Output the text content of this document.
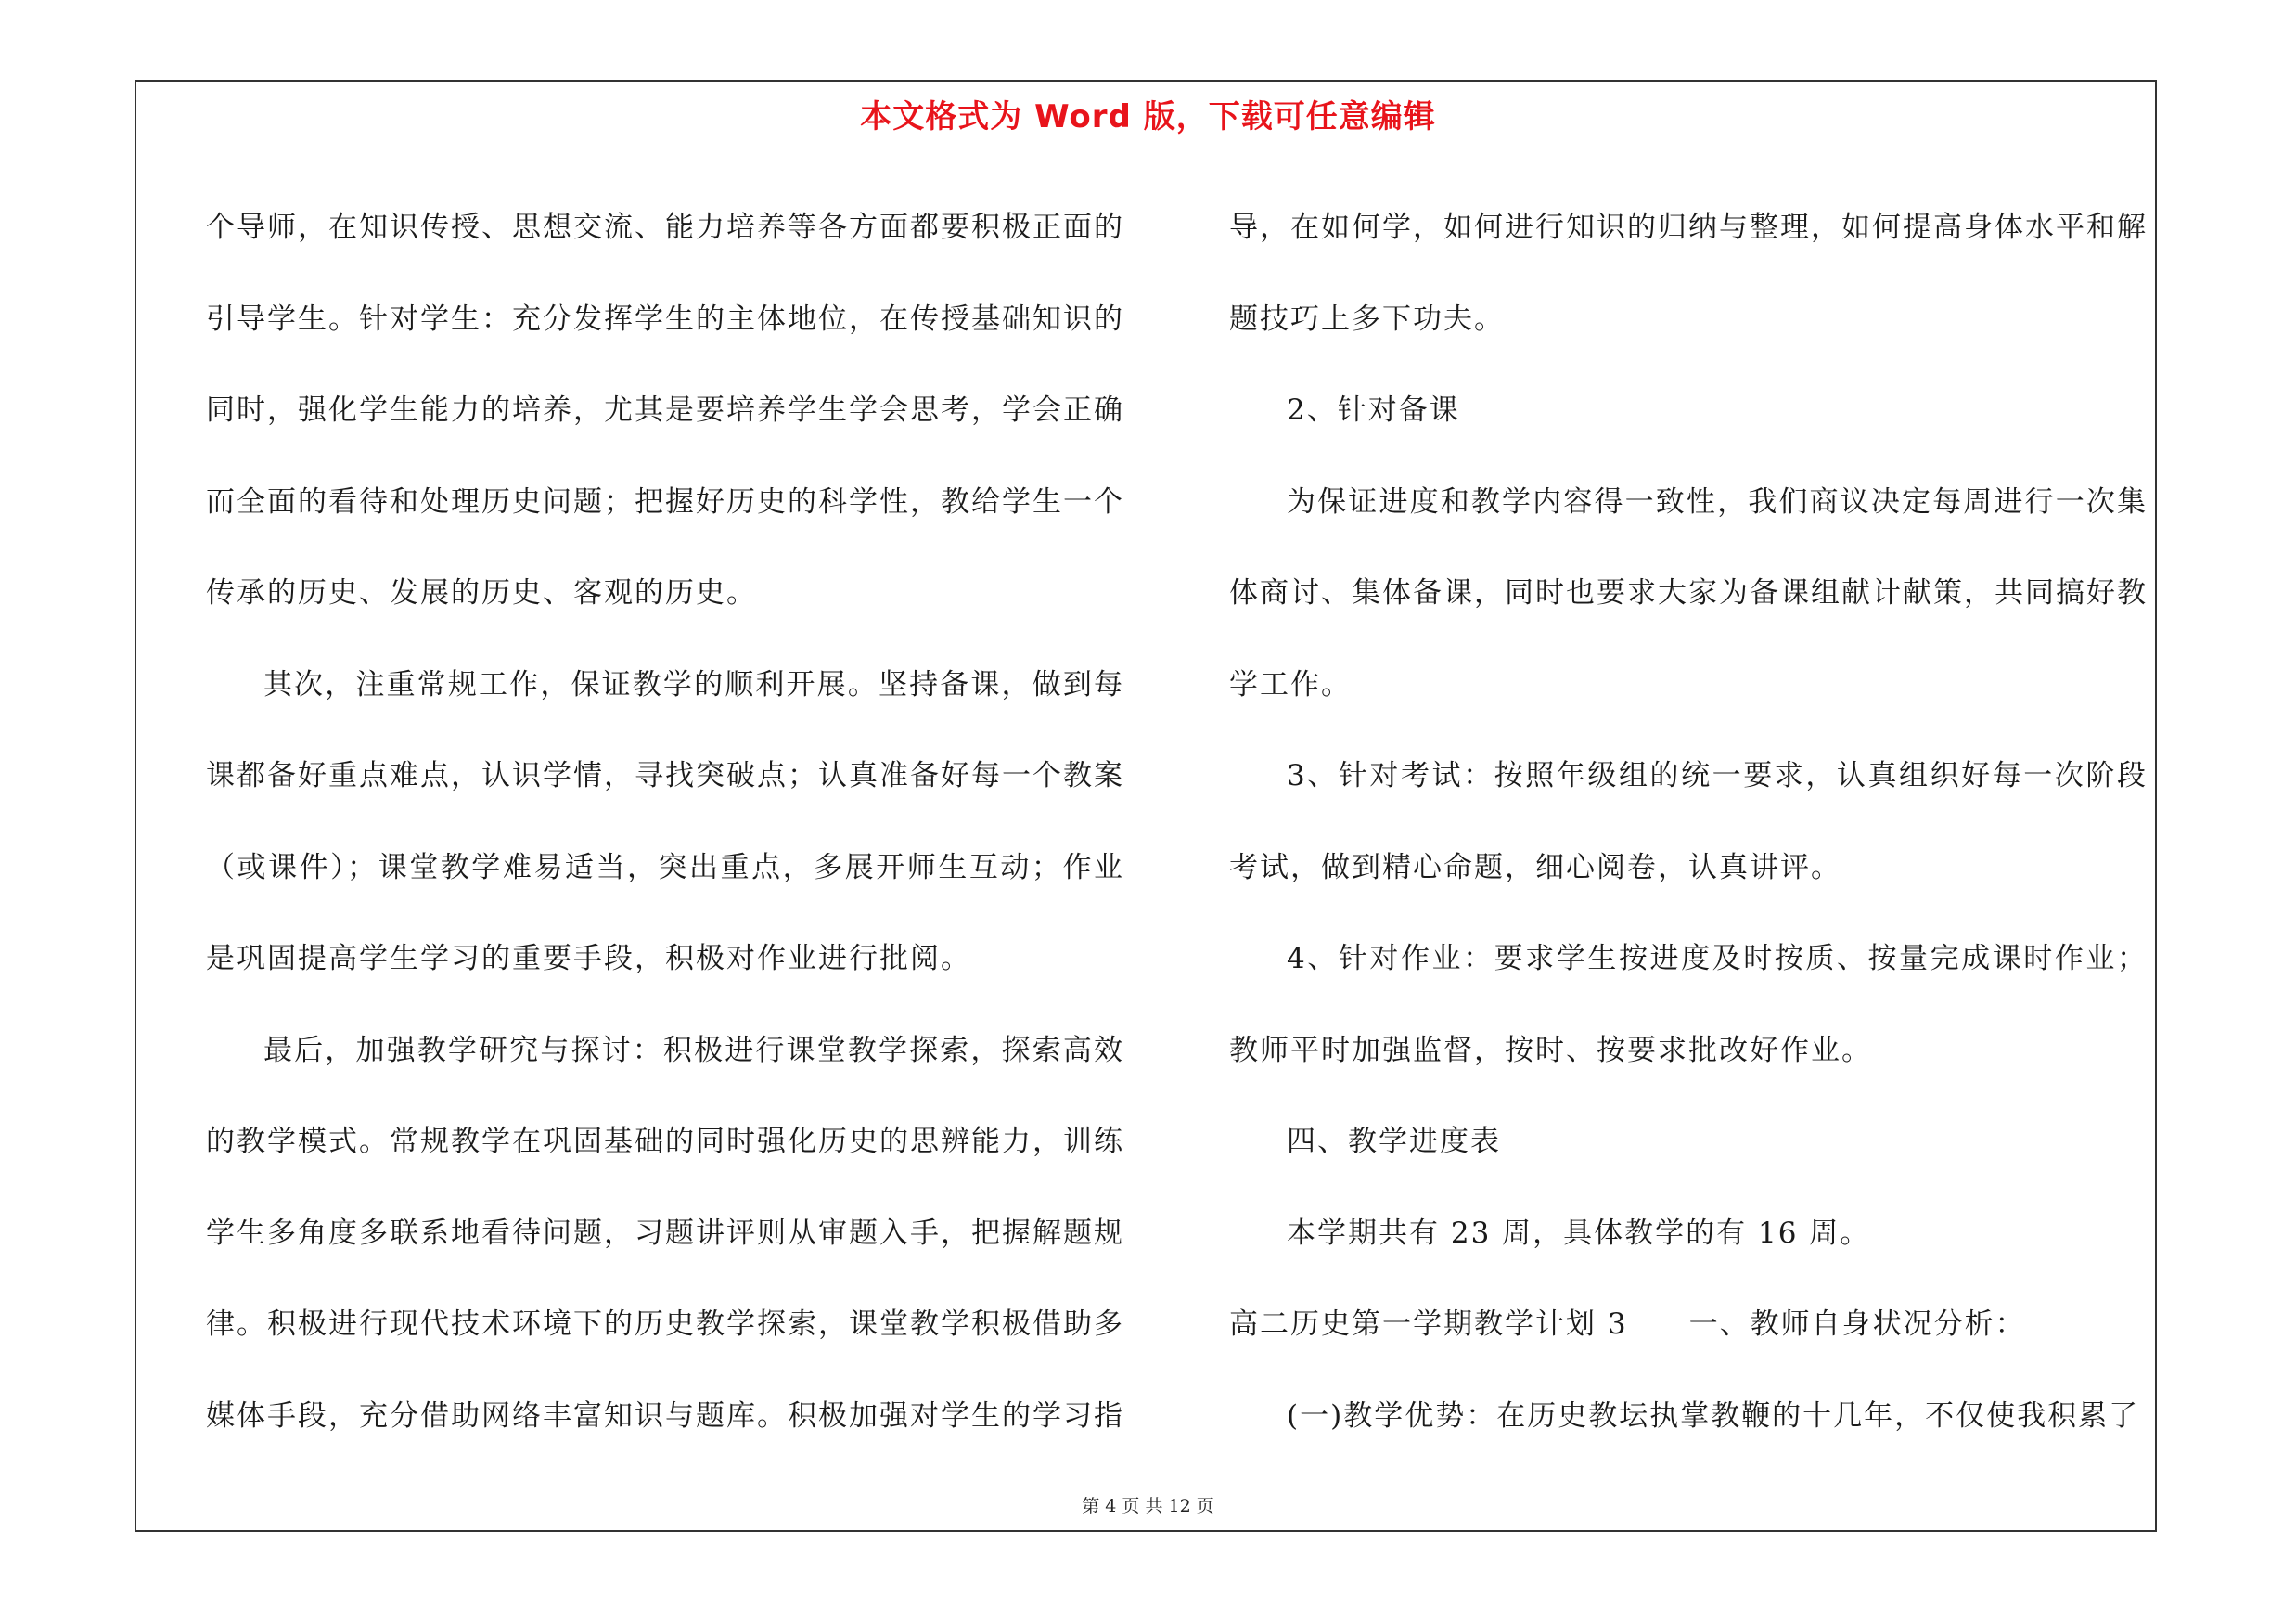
本文格式为 Word 版，下载可任意编辑

个导师，在知识传授、思想交流、能力培养等各方面都要积极正面的引导学生。针对学生：充分发挥学生的主体地位，在传授基础知识的同时，强化学生能力的培养，尤其是要培养学生学会思考，学会正确而全面的看待和处理历史问题；把握好历史的科学性，教给学生一个传承的历史、发展的历史、客观的历史。

其次，注重常规工作，保证教学的顺利开展。坚持备课，做到每课都备好重点难点，认识学情，寻找突破点；认真准备好每一个教案（或课件）；课堂教学难易适当，突出重点，多展开师生互动；作业是巩固提高学生学习的重要手段，积极对作业进行批阅。

最后，加强教学研究与探讨：积极进行课堂教学探索，探索高效的教学模式。常规教学在巩固基础的同时强化历史的思辨能力，训练学生多角度多联系地看待问题，习题讲评则从审题入手，把握解题规律。积极进行现代技术环境下的历史教学探索，课堂教学积极借助多媒体手段，充分借助网络丰富知识与题库。积极加强对学生的学习指

导，在如何学，如何进行知识的归纳与整理，如何提高身体水平和解题技巧上多下功夫。

2、针对备课

为保证进度和教学内容得一致性，我们商议决定每周进行一次集体商讨、集体备课，同时也要求大家为备课组献计献策，共同搞好教学工作。

3、针对考试：按照年级组的统一要求，认真组织好每一次阶段考试，做到精心命题，细心阅卷，认真讲评。

4、针对作业：要求学生按进度及时按质、按量完成课时作业；教师平时加强监督，按时、按要求批改好作业。

四、教学进度表

本学期共有 23 周，具体教学的有 16 周。

高二历史第一学期教学计划 3　　一、教师自身状况分析：

(一)教学优势：在历史教坛执掌教鞭的十几年，不仅使我积累了

第 4 页 共 12 页
